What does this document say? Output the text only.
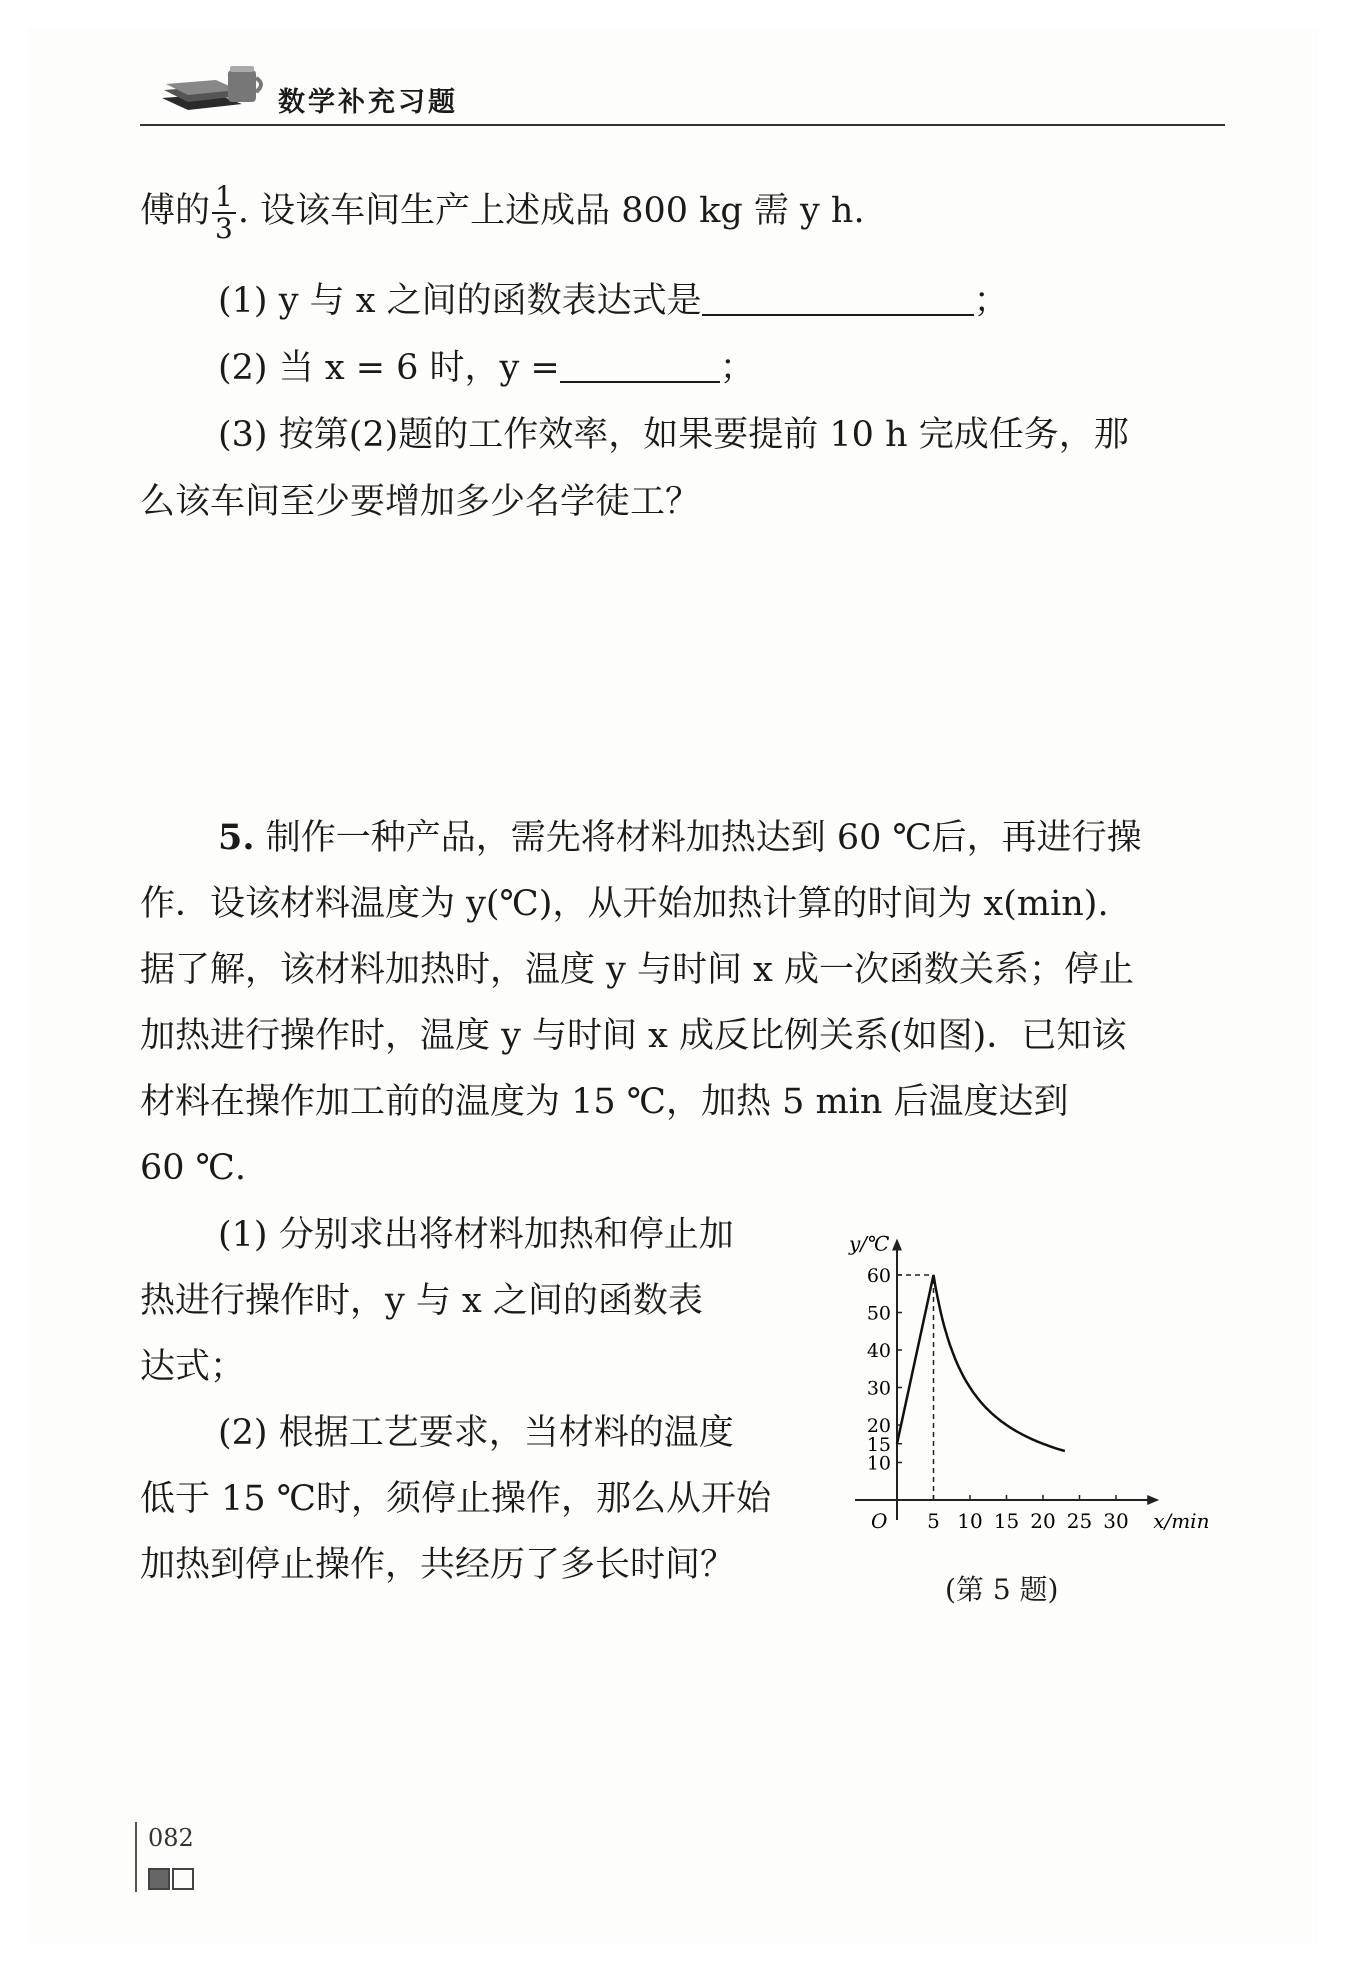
数学补充习题
傅的 $\frac{1}{3}$ . 设该车间生产上述成品 800 kg 需 y h.
(1) y 与 x 之间的函数表达式是	；
(2) 当 x = 6 时，y =	；
(3) 按第(2)题的工作效率，如果要提前 10 h 完成任务，那
么该车间至少要增加多少名学徒工？
5. 制作一种产品，需先将材料加热达到 60 ℃后，再进行操
作．设该材料温度为 y(℃)，从开始加热计算的时间为 x(min).
据了解，该材料加热时，温度 y 与时间 x 成一次函数关系；停止
加热进行操作时，温度 y 与时间 x 成反比例关系(如图)．已知该
材料在操作加工前的温度为 15 ℃，加热 5 min 后温度达到
60 ℃.
(1) 分别求出将材料加热和停止加
热进行操作时，y 与 x 之间的函数表
达式；
(2) 根据工艺要求，当材料的温度
低于 15 ℃时，须停止操作，那么从开始
加热到停止操作，共经历了多长时间？
y/℃
x/min
O 5 10 15 20 25 30
10
15
20
30
40
50
60
(第 5 题)
082
